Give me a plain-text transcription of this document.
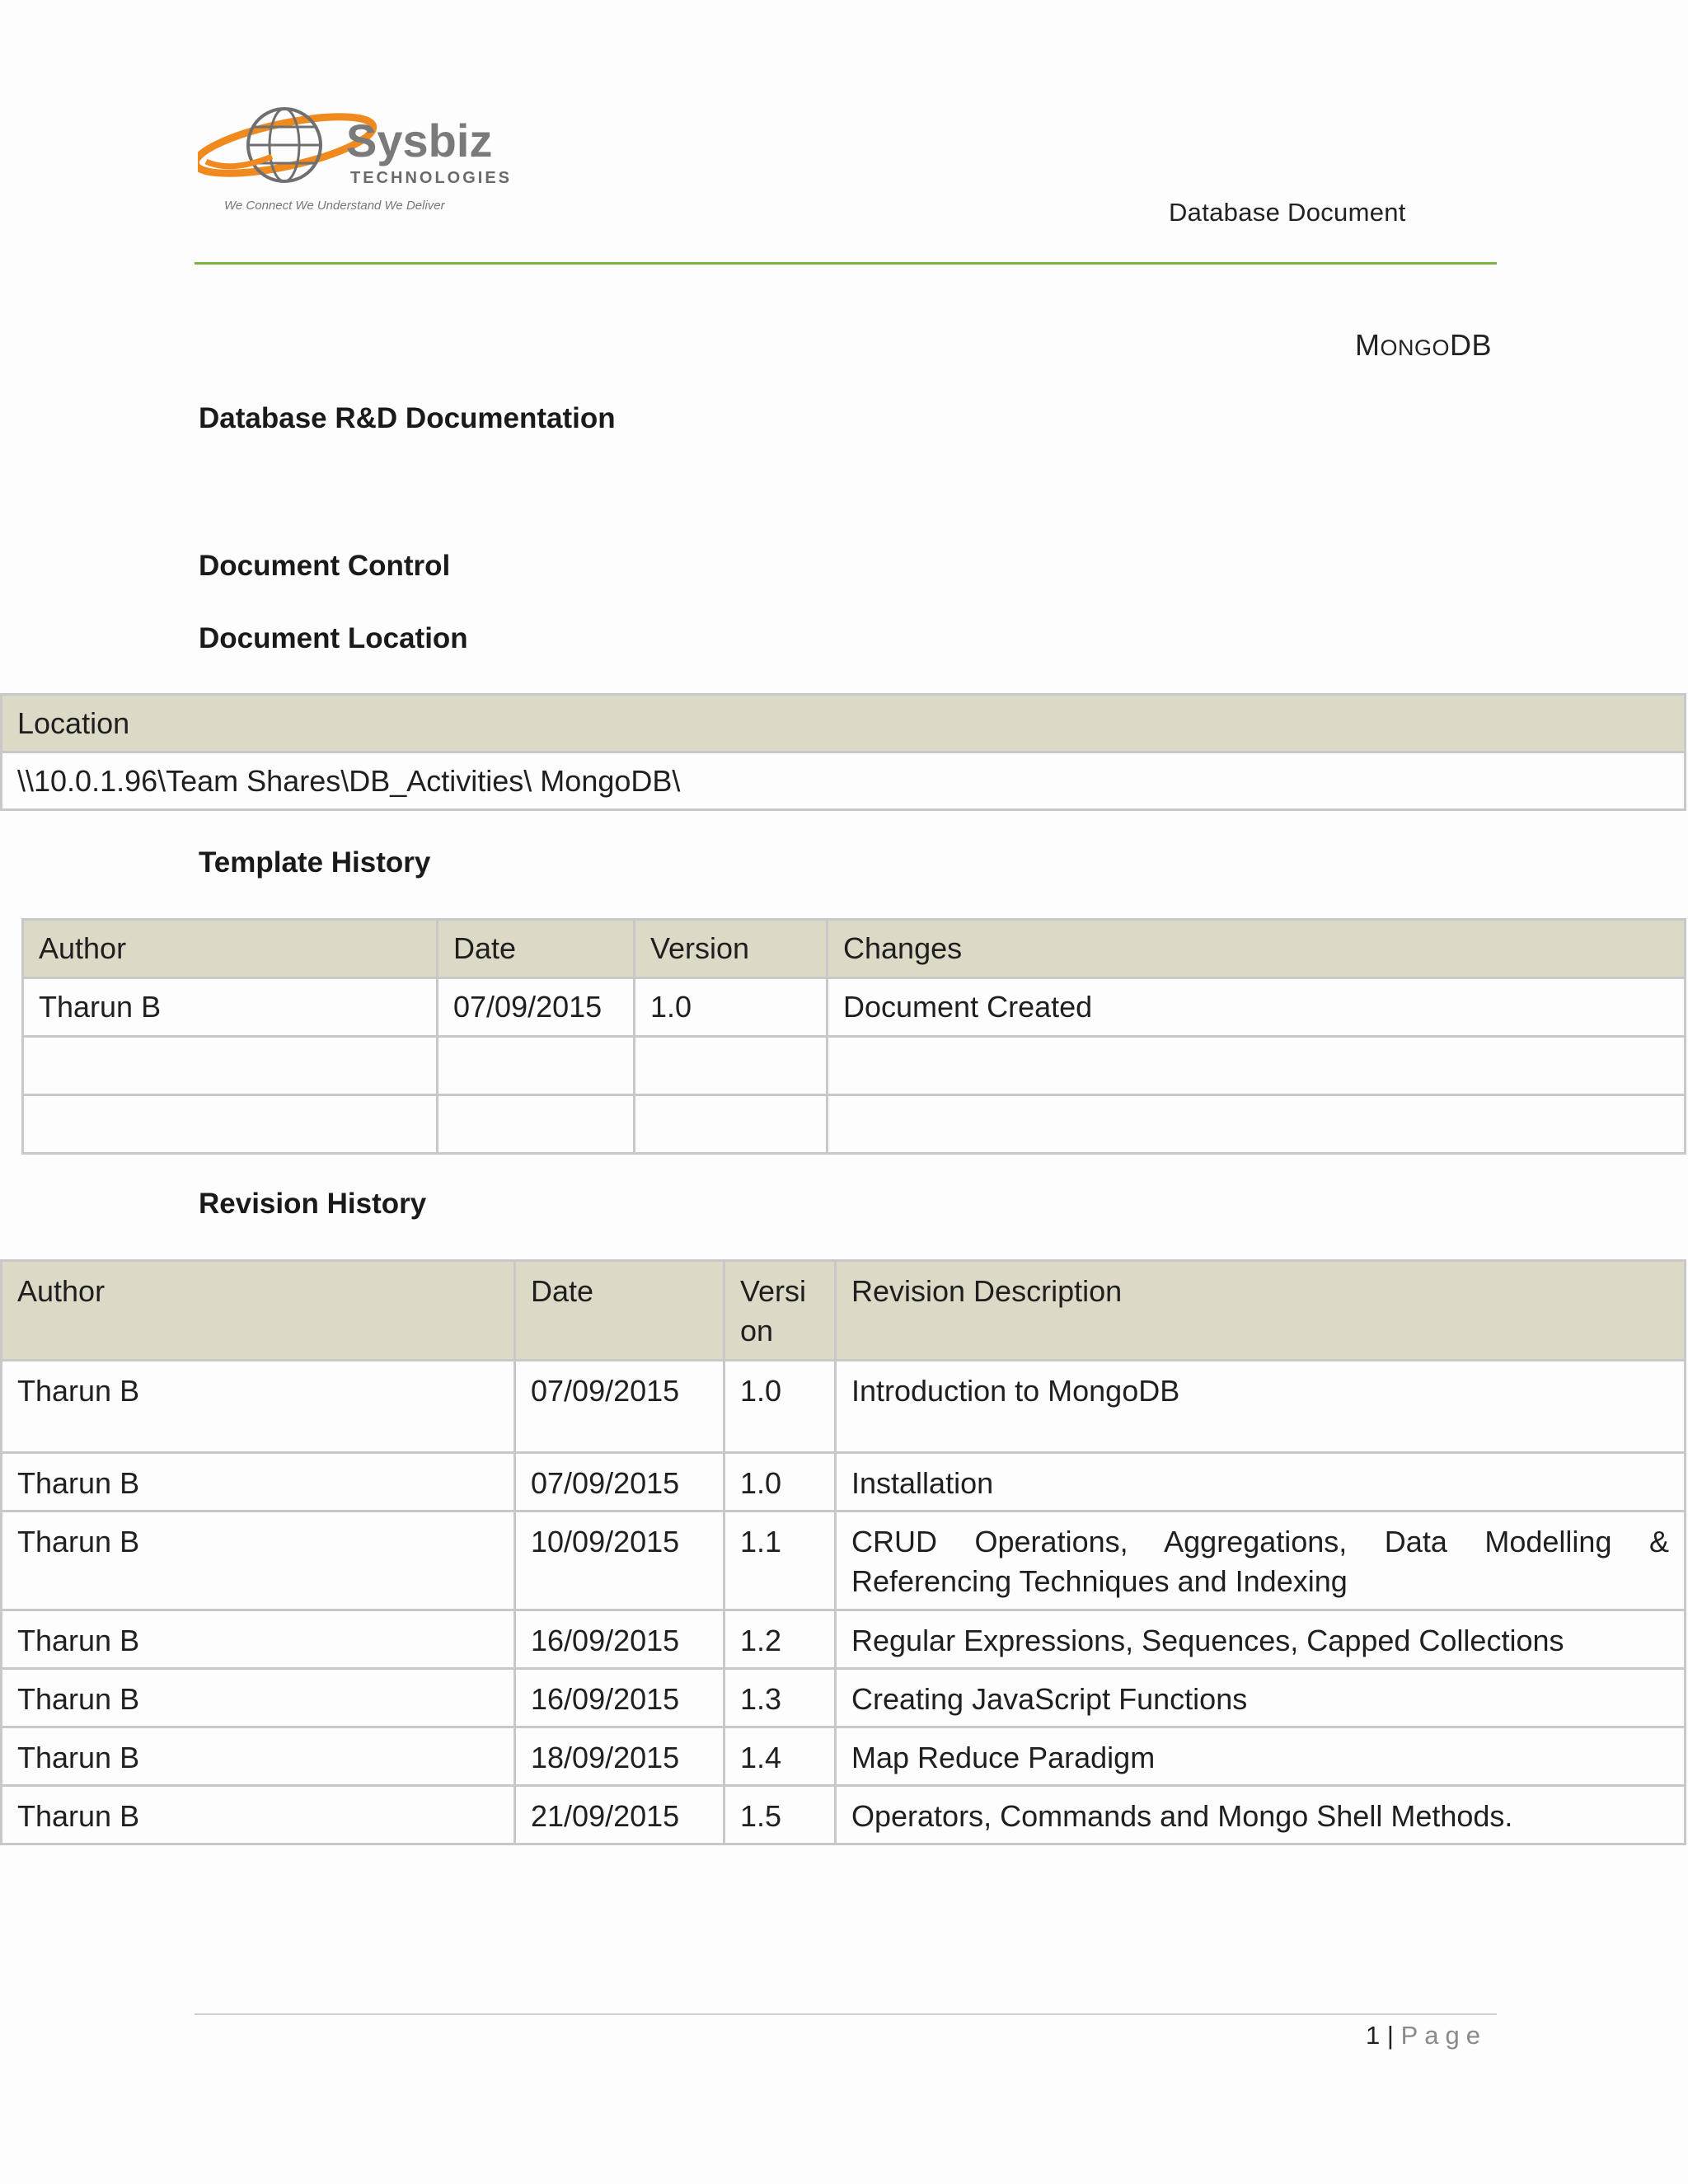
Sysbiz
TECHNOLOGIES
We Connect We Understand We Deliver	Database Document
MONGODB
Database R&D Documentation
Document Control
Document Location
Location
\\10.0.1.96\Team Shares\DB_Activities\ MongoDB\
Template History
Author	Date	Version	Changes
Tharun B	07/09/2015	1.0	Document Created

Revision History
Author	Date	Versi on	Revision Description
Tharun B	07/09/2015	1.0	Introduction to MongoDB
Tharun B	07/09/2015	1.0	Installation
Tharun B	10/09/2015	1.1	CRUD Operations, Aggregations, Data Modelling & Referencing Techniques and Indexing
Tharun B	16/09/2015	1.2	Regular Expressions, Sequences, Capped Collections
Tharun B	16/09/2015	1.3	Creating JavaScript Functions
Tharun B	18/09/2015	1.4	Map Reduce Paradigm
Tharun B	21/09/2015	1.5	Operators, Commands and Mongo Shell Methods.
1 | Page
